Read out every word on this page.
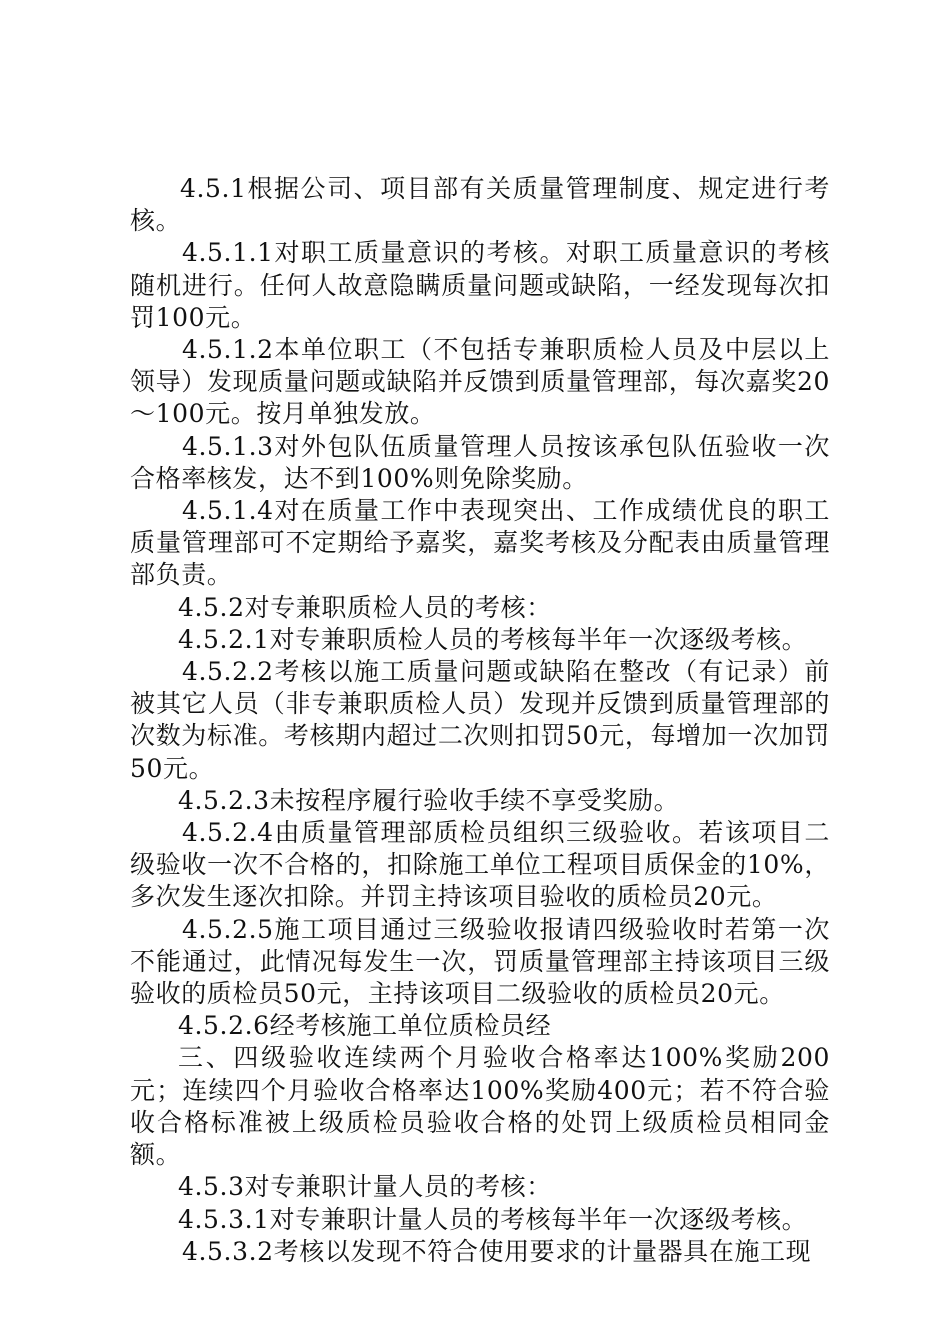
4.5.1根据公司、项目部有关质量管理制度、规定进行考核。

4.5.1.1对职工质量意识的考核。对职工质量意识的考核随机进行。任何人故意隐瞒质量问题或缺陷，一经发现每次扣罚100元。

4.5.1.2本单位职工（不包括专兼职质检人员及中层以上领导）发现质量问题或缺陷并反馈到质量管理部，每次嘉奖20～100元。按月单独发放。

4.5.1.3对外包队伍质量管理人员按该承包队伍验收一次合格率核发，达不到100%则免除奖励。

4.5.1.4对在质量工作中表现突出、工作成绩优良的职工质量管理部可不定期给予嘉奖，嘉奖考核及分配表由质量管理部负责。

4.5.2对专兼职质检人员的考核：

4.5.2.1对专兼职质检人员的考核每半年一次逐级考核。

4.5.2.2考核以施工质量问题或缺陷在整改（有记录）前被其它人员（非专兼职质检人员）发现并反馈到质量管理部的次数为标准。考核期内超过二次则扣罚50元，每增加一次加罚50元。

4.5.2.3未按程序履行验收手续不享受奖励。

4.5.2.4由质量管理部质检员组织三级验收。若该项目二级验收一次不合格的，扣除施工单位工程项目质保金的10%，多次发生逐次扣除。并罚主持该项目验收的质检员20元。

4.5.2.5施工项目通过三级验收报请四级验收时若第一次不能通过，此情况每发生一次，罚质量管理部主持该项目三级验收的质检员50元，主持该项目二级验收的质检员20元。

4.5.2.6经考核施工单位质检员经

三、四级验收连续两个月验收合格率达100%奖励200元；连续四个月验收合格率达100%奖励400元；若不符合验收合格标准被上级质检员验收合格的处罚上级质检员相同金额。

4.5.3对专兼职计量人员的考核：

4.5.3.1对专兼职计量人员的考核每半年一次逐级考核。

4.5.3.2考核以发现不符合使用要求的计量器具在施工现
